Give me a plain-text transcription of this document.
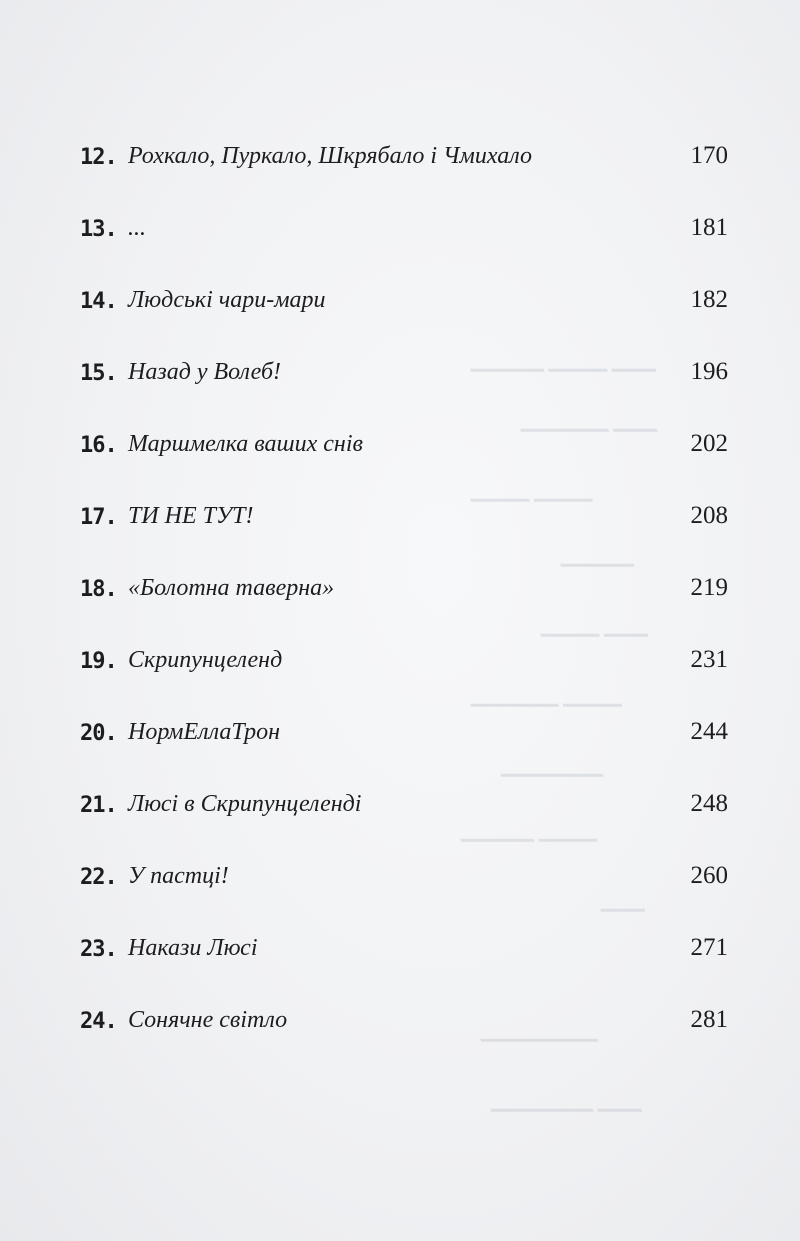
▁▁▁ ▁▁▁▁ ▁▁▁▁▁
▁▁▁ ▁▁▁▁▁▁
▁▁▁▁ ▁▁▁▁
▁▁▁▁▁
▁▁▁ ▁▁▁▁
▁▁▁▁ ▁▁▁▁▁▁
▁▁▁▁▁▁▁
▁▁▁▁ ▁▁▁▁▁
▁▁▁
▁▁▁▁▁▁▁▁
▁▁▁ ▁▁▁▁▁▁▁
12. Рохкало, Пуркало, Шкрябало і Чмихало	170
13. ...	181
14. Людські чари-мари	182
15. Назад у Волеб!	196
16. Маршмелка ваших снів	202
17. ТИ НЕ ТУТ!	208
18. «Болотна таверна»	219
19. Скрипунцеленд	231
20. НормЕллаТрон	244
21. Люсі в Скрипунцелендi	248
22. У пастці!	260
23. Накази Люсі	271
24. Сонячне світло	281
